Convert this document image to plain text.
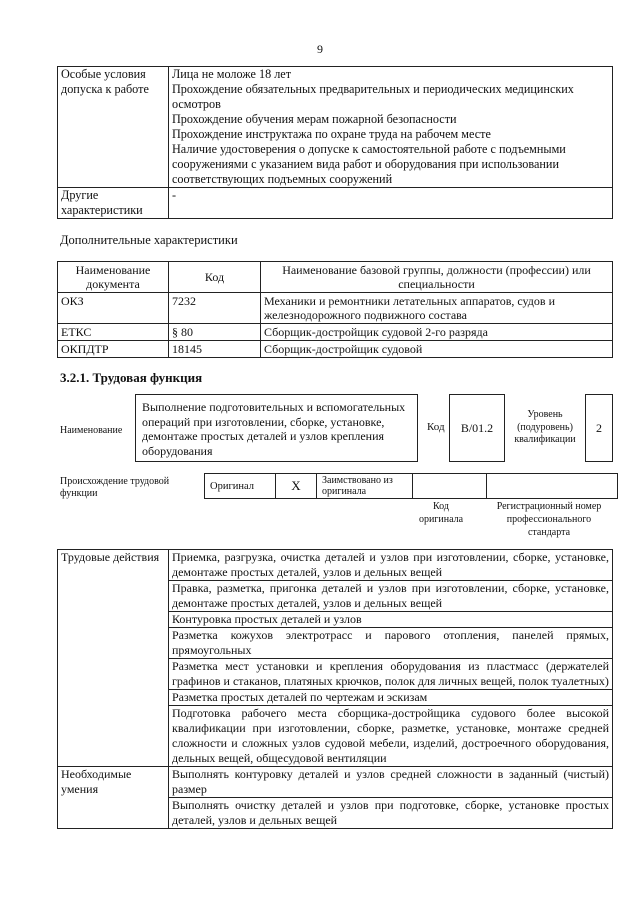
9
Особые условия допуска к работе	Лица не моложе 18 лет
Прохождение обязательных предварительных и периодических медицинских осмотров
Прохождение обучения мерам пожарной безопасности
Прохождение инструктажа по охране труда на рабочем месте
Наличие удостоверения о допуске к самостоятельной работе с подъемными сооружениями с указанием вида работ и оборудования при использовании соответствующих подъемных сооружений

Другие характеристики	-
Дополнительные характеристики
Наименование документа	Код	Наименование базовой группы, должности (профессии) или специальности
ОКЗ	7232	Механики и ремонтники летательных аппаратов, судов и железнодорожного подвижного состава
ЕТКС	§ 80	Сборщик-достройщик судовой 2-го разряда
ОКПДТР	18145	Сборщик-достройщик судовой
3.2.1. Трудовая функция
Наименование
Выполнение подготовительных и вспомогательных операций при изготовлении, сборке, установке, демонтаже простых деталей и узлов крепления оборудования
Код	B/01.2
Уровень (подуровень) квалификации
2
Происхождение трудовой функции
Оригинал	X	Заимствовано из оригинала		
Код оригинала
Регистрационный номер профессионального стандарта
Трудовые действия	Приемка, разгрузка, очистка деталей и узлов при изготовлении, сборке, установке, демонтаже простых деталей, узлов и дельных вещей
	Правка, разметка, пригонка деталей и узлов при изготовлении, сборке, установке, демонтаже простых деталей, узлов и дельных вещей
	Контуровка простых деталей и узлов
	Разметка кожухов электротрасс и парового отопления, панелей прямых, прямоугольных
	Разметка мест установки и крепления оборудования из пластмасс (держателей графинов и стаканов, платяных крючков, полок для личных вещей, полок туалетных)
	Разметка простых деталей по чертежам и эскизам
	Подготовка рабочего места сборщика-достройщика судового более высокой квалификации при изготовлении, сборке, разметке, установке, монтаже средней сложности и сложных узлов судовой мебели, изделий, достроечного оборудования, дельных вещей, общесудовой вентиляции
Необходимые умения	Выполнять контуровку деталей и узлов средней сложности в заданный (чистый) размер
	Выполнять очистку деталей и узлов при подготовке, сборке, установке простых деталей, узлов и дельных вещей
